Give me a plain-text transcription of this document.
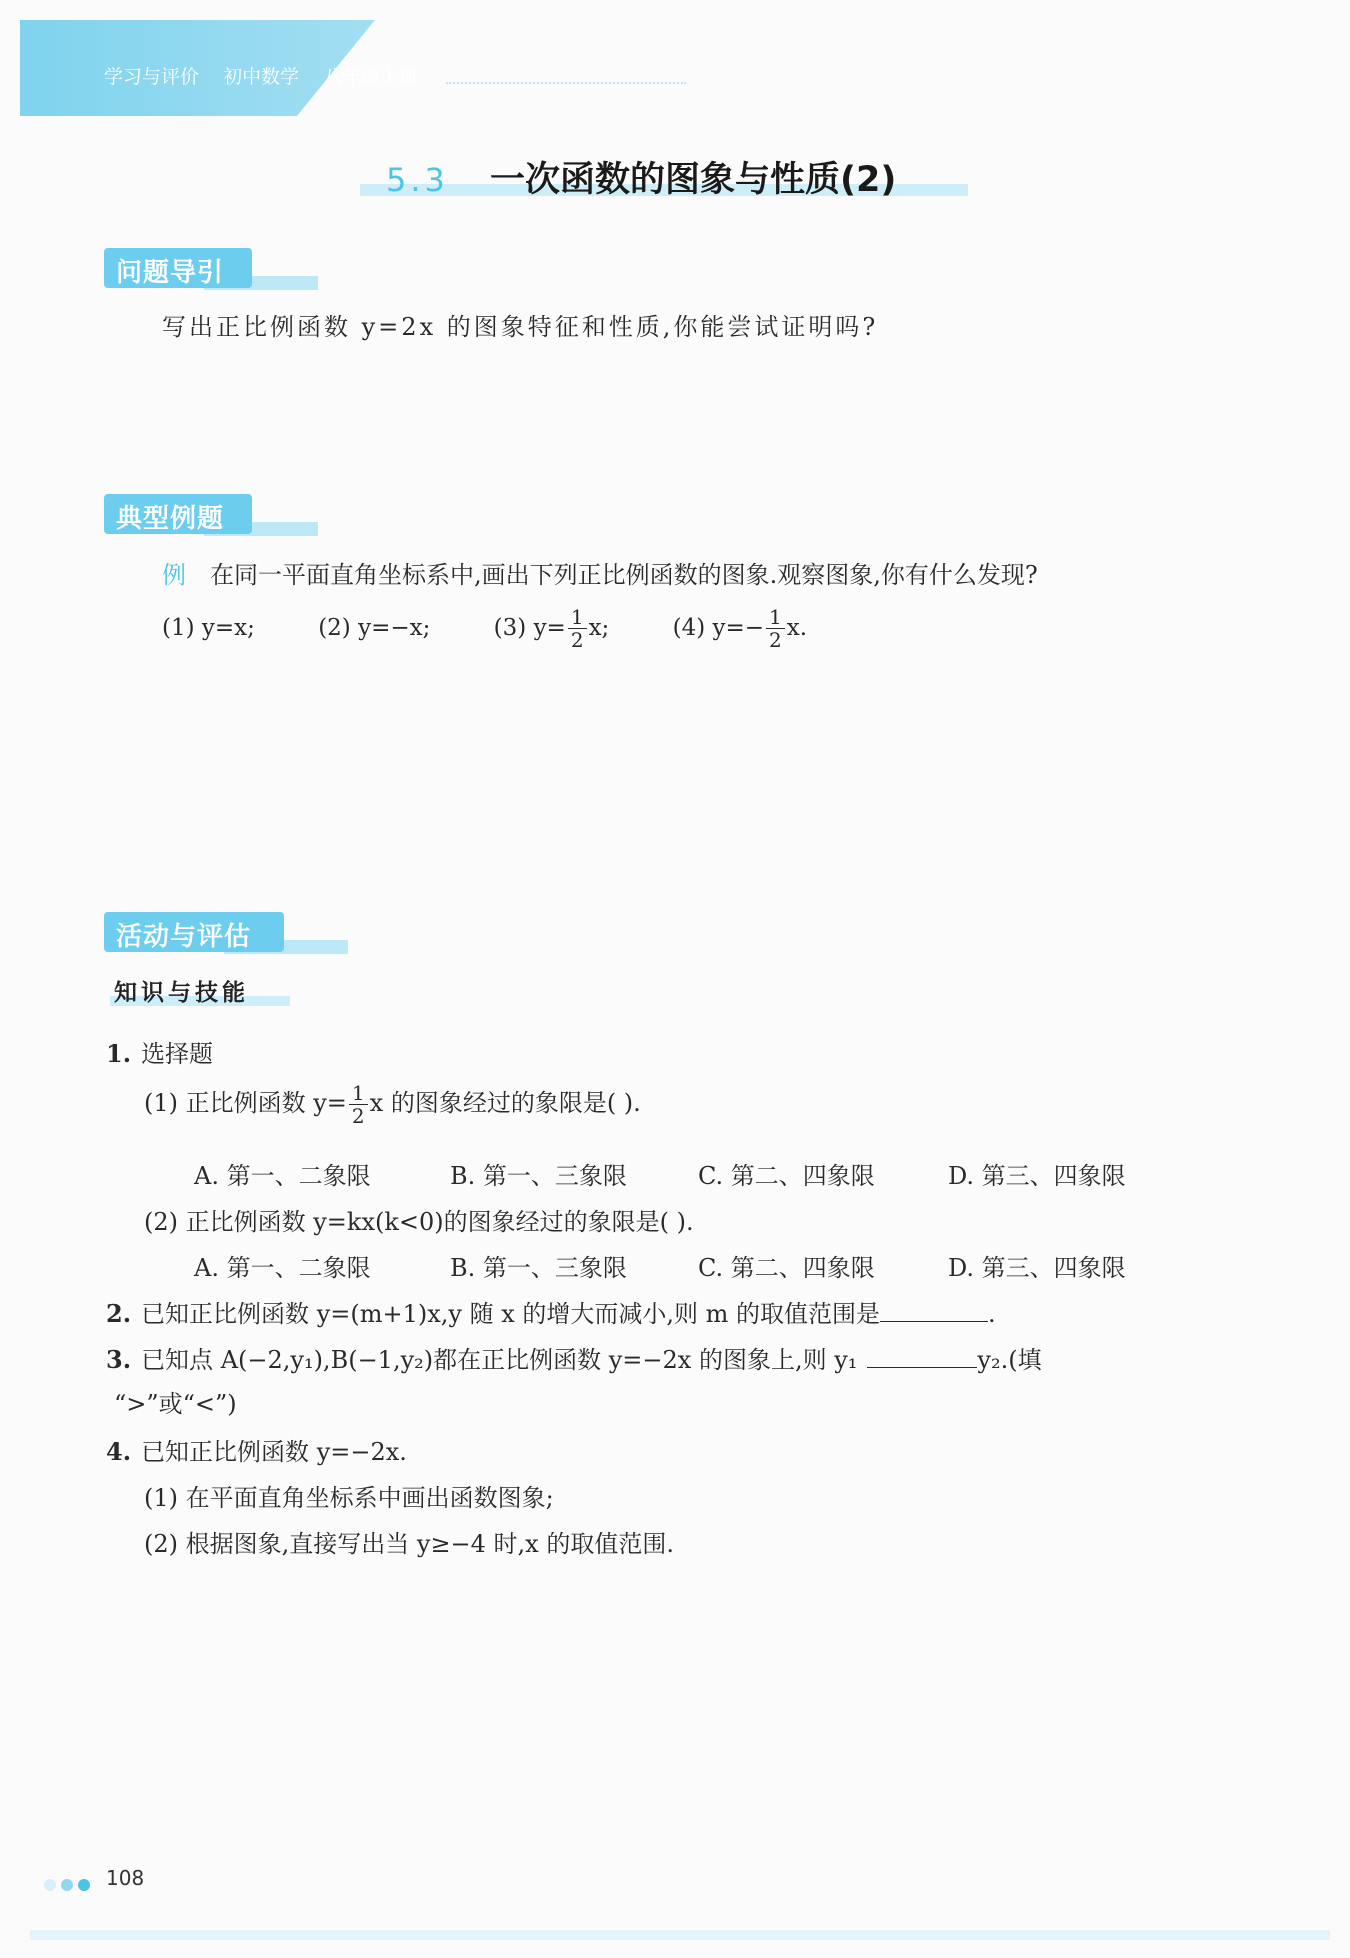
学习与评价 初中数学 八年级上册
5.3 一次函数的图象与性质(2)
问题导引
写出正比例函数 y=2x 的图象特征和性质,你能尝试证明吗?
典型例题
例 在同一平面直角坐标系中,画出下列正比例函数的图象.观察图象,你有什么发现?
(1) y=x;	(2) y=−x;	(3) $y= \frac{1}{2} x$;	(4) $y=- \frac{1}{2} x$.
活动与评估
知识与技能
1. 选择题
(1) 正比例函数 $y= \frac{1}{2}$ x 的图象经过的象限是( ).
A. 第一、二象限	B. 第一、三象限	C. 第二、四象限	D. 第三、四象限
(2) 正比例函数 y=kx(k<0)的图象经过的象限是( ).
A. 第一、二象限	B. 第一、三象限	C. 第二、四象限	D. 第三、四象限
2. 已知正比例函数 y=(m+1)x,y 随 x 的增大而减小,则 m 的取值范围是	.
3. 已知点 A(−2,y₁),B(−1,y₂)都在正比例函数 y=−2x 的图象上,则 y₁	y₂.(填
“>”或“<”)
4. 已知正比例函数 y=−2x.
(1) 在平面直角坐标系中画出函数图象;
(2) 根据图象,直接写出当 y≥−4 时,x 的取值范围.
108
